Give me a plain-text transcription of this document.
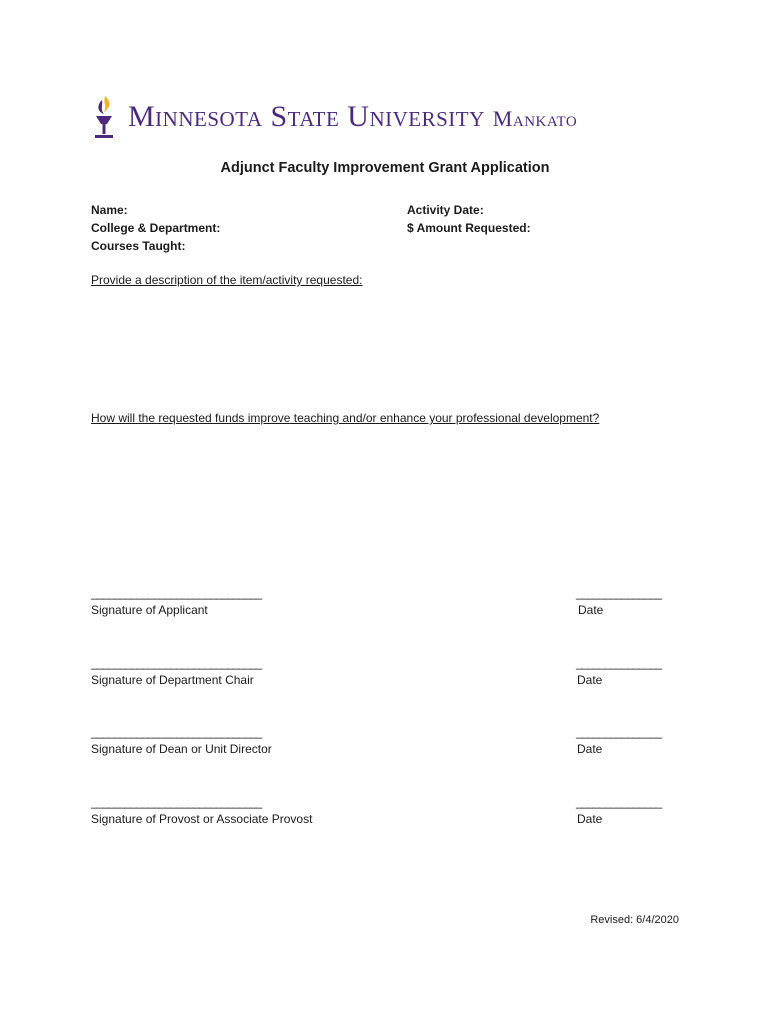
Minnesota State University Mankato
Adjunct Faculty Improvement Grant Application
Name:
College & Department:
Courses Taught:
Activity Date:
$ Amount Requested:
Provide a description of the item/activity requested:
How will the requested funds improve teaching and/or enhance your professional development?
______________________________
Signature of Applicant
_______________
Date
______________________________
Signature of Department Chair
_______________
Date
______________________________
Signature of Dean or Unit Director
_______________
Date
______________________________
Signature of Provost or Associate Provost
_______________
Date
Revised: 6/4/2020
